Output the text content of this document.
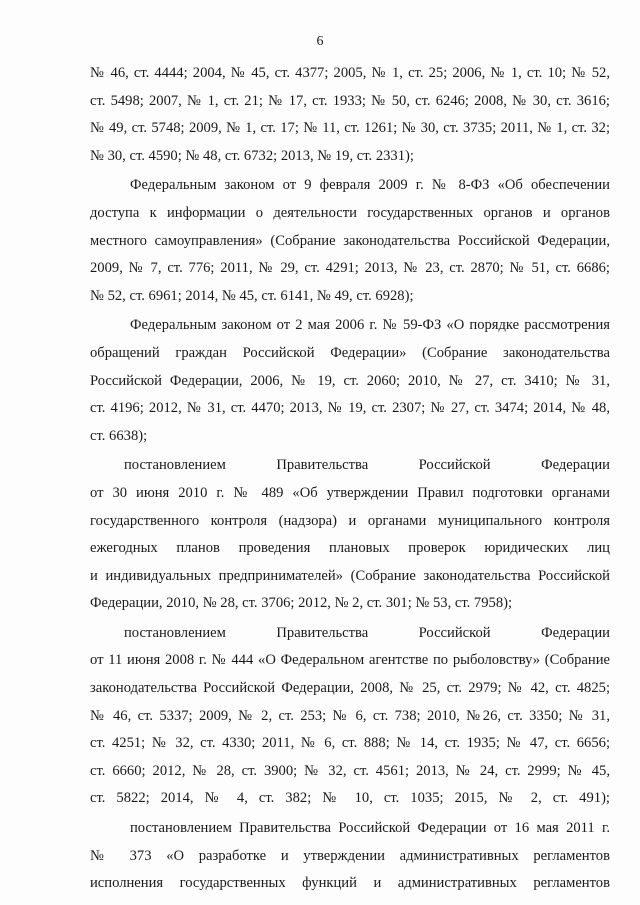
6
№ 46, ст. 4444; 2004, № 45, ст. 4377; 2005, № 1, ст. 25; 2006, № 1, ст. 10; № 52,
ст. 5498; 2007, № 1, ст. 21; № 17, ст. 1933; № 50, ст. 6246; 2008, № 30, ст. 3616;
№ 49, ст. 5748; 2009, № 1, ст. 17; № 11, ст. 1261; № 30, ст. 3735; 2011, № 1, ст. 32;
№ 30, ст. 4590; № 48, ст. 6732; 2013, № 19, ст. 2331);
Федеральным законом от 9 февраля 2009 г. № 8-ФЗ «Об обеспечении
доступа к информации о деятельности государственных органов и органов
местного самоуправления» (Собрание законодательства Российской Федерации,
2009, № 7, ст. 776; 2011, № 29, ст. 4291; 2013, № 23, ст. 2870; № 51, ст. 6686;
№ 52, ст. 6961; 2014, № 45, ст. 6141, № 49, ст. 6928);
Федеральным законом от 2 мая 2006 г. № 59-ФЗ «О порядке рассмотрения
обращений граждан Российской Федерации» (Собрание законодательства
Российской Федерации, 2006, № 19, ст. 2060; 2010, № 27, ст. 3410; № 31,
ст. 4196; 2012, № 31, ст. 4470; 2013, № 19, ст. 2307; № 27, ст. 3474; 2014, № 48,
ст. 6638);
постановлением Правительства Российской Федерации
от 30 июня 2010 г. № 489 «Об утверждении Правил подготовки органами
государственного контроля (надзора) и органами муниципального контроля
ежегодных планов проведения плановых проверок юридических лиц
и индивидуальных предпринимателей» (Собрание законодательства Российской
Федерации, 2010, № 28, ст. 3706; 2012, № 2, ст. 301; № 53, ст. 7958);
постановлением Правительства Российской Федерации
от 11 июня 2008 г. № 444 «О Федеральном агентстве по рыболовству» (Собрание
законодательства Российской Федерации, 2008, № 25, ст. 2979; № 42, ст. 4825;
№ 46, ст. 5337; 2009, № 2, ст. 253; № 6, ст. 738; 2010, №26, ст. 3350; № 31,
ст. 4251; № 32, ст. 4330; 2011, № 6, ст. 888; № 14, ст. 1935; № 47, ст. 6656;
ст. 6660; 2012, № 28, ст. 3900; № 32, ст. 4561; 2013, № 24, ст. 2999; № 45,
ст. 5822; 2014, № 4, ст. 382; № 10, ст. 1035; 2015, № 2, ст. 491);
постановлением Правительства Российской Федерации от 16 мая 2011 г.
№ 373 «О разработке и утверждении административных регламентов
исполнения государственных функций и административных регламентов
